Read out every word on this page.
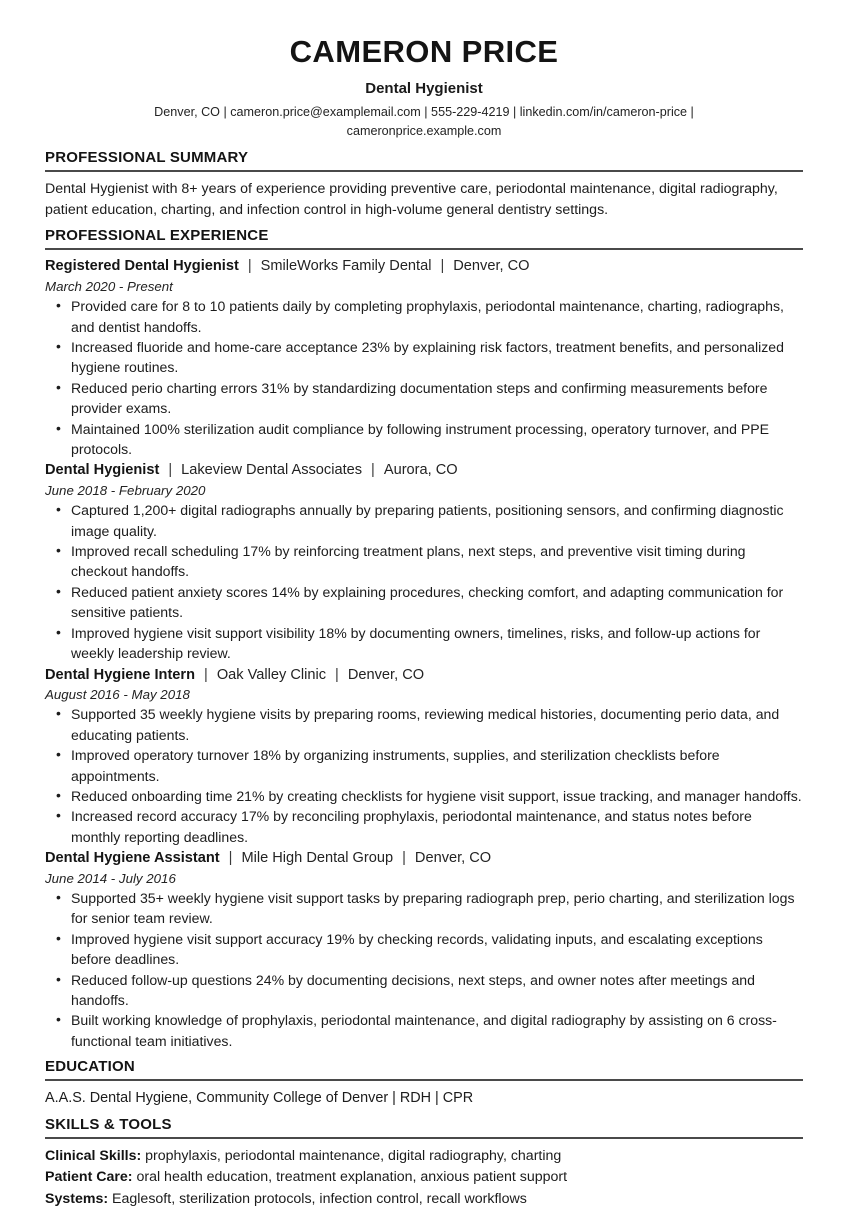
CAMERON PRICE
Dental Hygienist
Denver, CO | cameron.price@examplemail.com | 555-229-4219 | linkedin.com/in/cameron-price | cameronprice.example.com
PROFESSIONAL SUMMARY

Dental Hygienist with 8+ years of experience providing preventive care, periodontal maintenance, digital radiography, patient education, charting, and infection control in high-volume general dentistry settings.

PROFESSIONAL EXPERIENCE
Registered Dental Hygienist | SmileWorks Family Dental | Denver, CO
March 2020 - Present
• Provided care for 8 to 10 patients daily by completing prophylaxis, periodontal maintenance, charting, radiographs, and dentist handoffs.
• Increased fluoride and home-care acceptance 23% by explaining risk factors, treatment benefits, and personalized hygiene routines.
• Reduced perio charting errors 31% by standardizing documentation steps and confirming measurements before provider exams.
• Maintained 100% sterilization audit compliance by following instrument processing, operatory turnover, and PPE protocols.
Dental Hygienist | Lakeview Dental Associates | Aurora, CO
June 2018 - February 2020
• Captured 1,200+ digital radiographs annually by preparing patients, positioning sensors, and confirming diagnostic image quality.
• Improved recall scheduling 17% by reinforcing treatment plans, next steps, and preventive visit timing during checkout handoffs.
• Reduced patient anxiety scores 14% by explaining procedures, checking comfort, and adapting communication for sensitive patients.
• Improved hygiene visit support visibility 18% by documenting owners, timelines, risks, and follow-up actions for weekly leadership review.
Dental Hygiene Intern | Oak Valley Clinic | Denver, CO
August 2016 - May 2018
• Supported 35 weekly hygiene visits by preparing rooms, reviewing medical histories, documenting perio data, and educating patients.
• Improved operatory turnover 18% by organizing instruments, supplies, and sterilization checklists before appointments.
• Reduced onboarding time 21% by creating checklists for hygiene visit support, issue tracking, and manager handoffs.
• Increased record accuracy 17% by reconciling prophylaxis, periodontal maintenance, and status notes before monthly reporting deadlines.
Dental Hygiene Assistant | Mile High Dental Group | Denver, CO
June 2014 - July 2016
• Supported 35+ weekly hygiene visit support tasks by preparing radiograph prep, perio charting, and sterilization logs for senior team review.
• Improved hygiene visit support accuracy 19% by checking records, validating inputs, and escalating exceptions before deadlines.
• Reduced follow-up questions 24% by documenting decisions, next steps, and owner notes after meetings and handoffs.
• Built working knowledge of prophylaxis, periodontal maintenance, and digital radiography by assisting on 6 cross-functional team initiatives.
EDUCATION
A.A.S. Dental Hygiene, Community College of Denver | RDH | CPR
SKILLS & TOOLS
Clinical Skills: prophylaxis, periodontal maintenance, digital radiography, charting
Patient Care: oral health education, treatment explanation, anxious patient support
Systems: Eaglesoft, sterilization protocols, infection control, recall workflows
